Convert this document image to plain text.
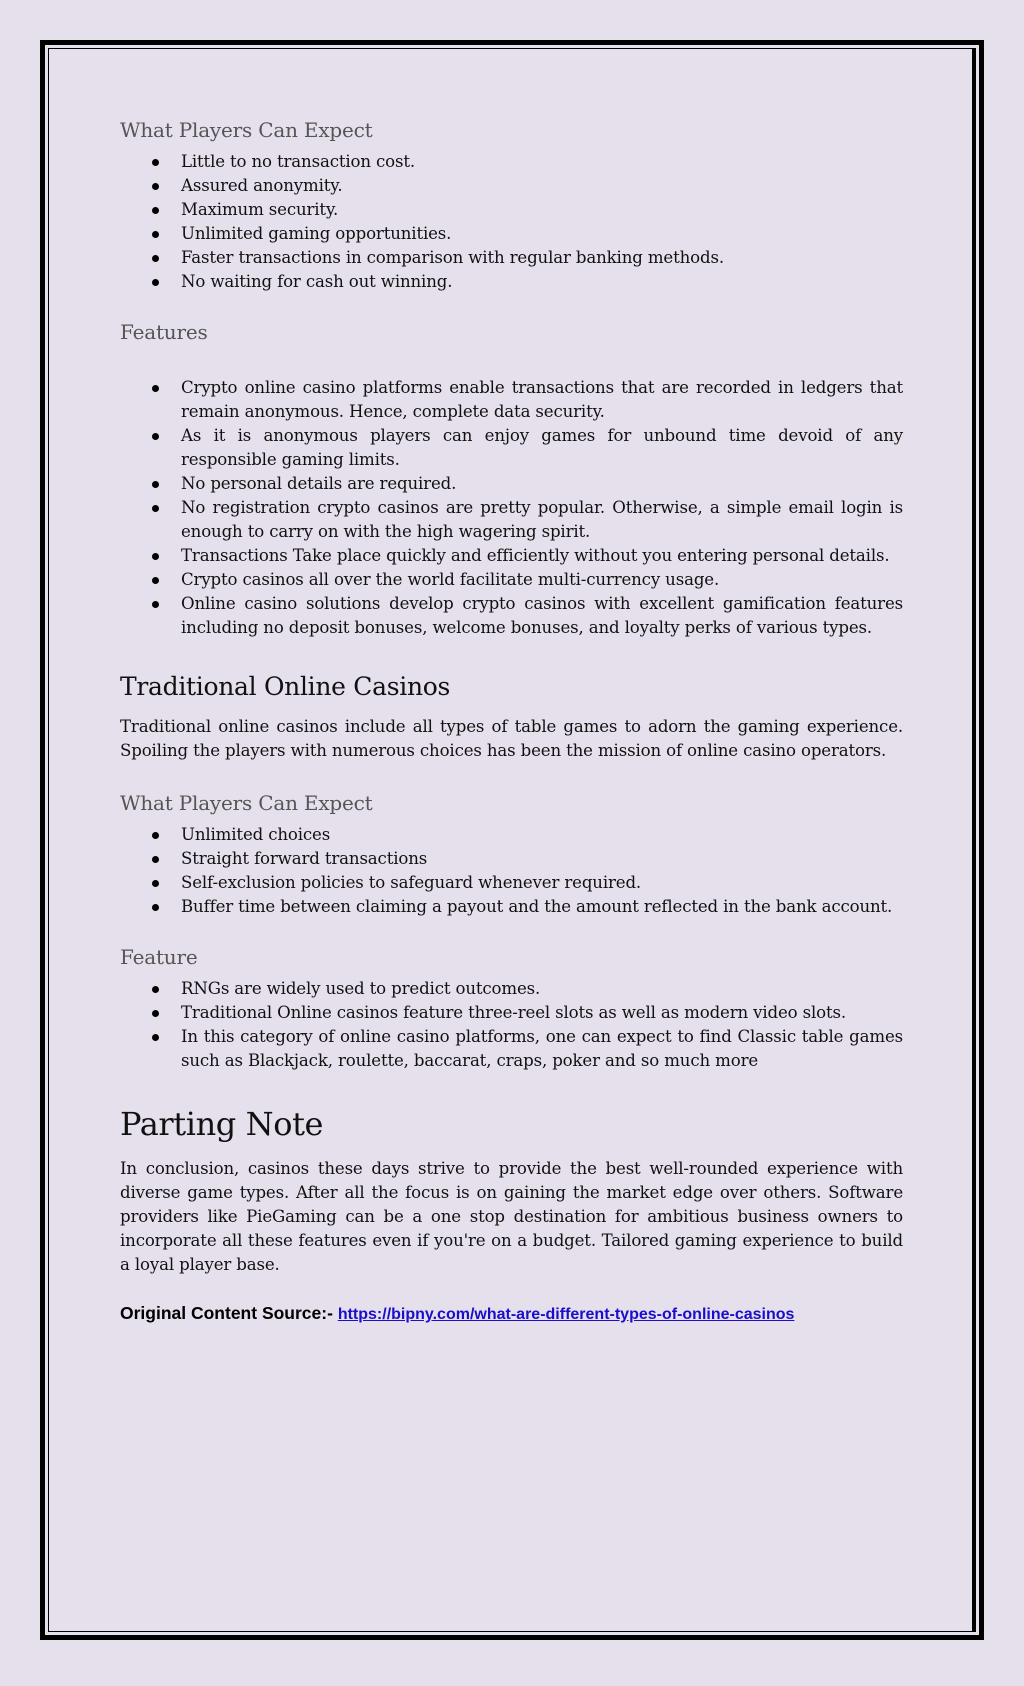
What Players Can Expect
Little to no transaction cost.
Assured anonymity.
Maximum security.
Unlimited gaming opportunities.
Faster transactions in comparison with regular banking methods.
No waiting for cash out winning.
Features
Crypto online casino platforms enable transactions that are recorded in ledgers that remain anonymous. Hence, complete data security.
As it is anonymous players can enjoy games for unbound time devoid of any responsible gaming limits.
No personal details are required.
No registration crypto casinos are pretty popular. Otherwise, a simple email login is enough to carry on with the high wagering spirit.
Transactions Take place quickly and efficiently without you entering personal details.
Crypto casinos all over the world facilitate multi-currency usage.
Online casino solutions develop crypto casinos with excellent gamification features including no deposit bonuses, welcome bonuses, and loyalty perks of various types.
Traditional Online Casinos

Traditional online casinos include all types of table games to adorn the gaming experience. Spoiling the players with numerous choices has been the mission of online casino operators.

What Players Can Expect
Unlimited choices
Straight forward transactions
Self-exclusion policies to safeguard whenever required.
Buffer time between claiming a payout and the amount reflected in the bank account.
Feature
RNGs are widely used to predict outcomes.
Traditional Online casinos feature three-reel slots as well as modern video slots.
In this category of online casino platforms, one can expect to find Classic table games such as Blackjack, roulette, baccarat, craps, poker and so much more
Parting Note

In conclusion, casinos these days strive to provide the best well-rounded experience with diverse game types. After all the focus is on gaining the market edge over others. Software providers like PieGaming can be a one stop destination for ambitious business owners to incorporate all these features even if you're on a budget. Tailored gaming experience to build a loyal player base.

Original Content Source:- https://bipny.com/what-are-different-types-of-online-casinos
